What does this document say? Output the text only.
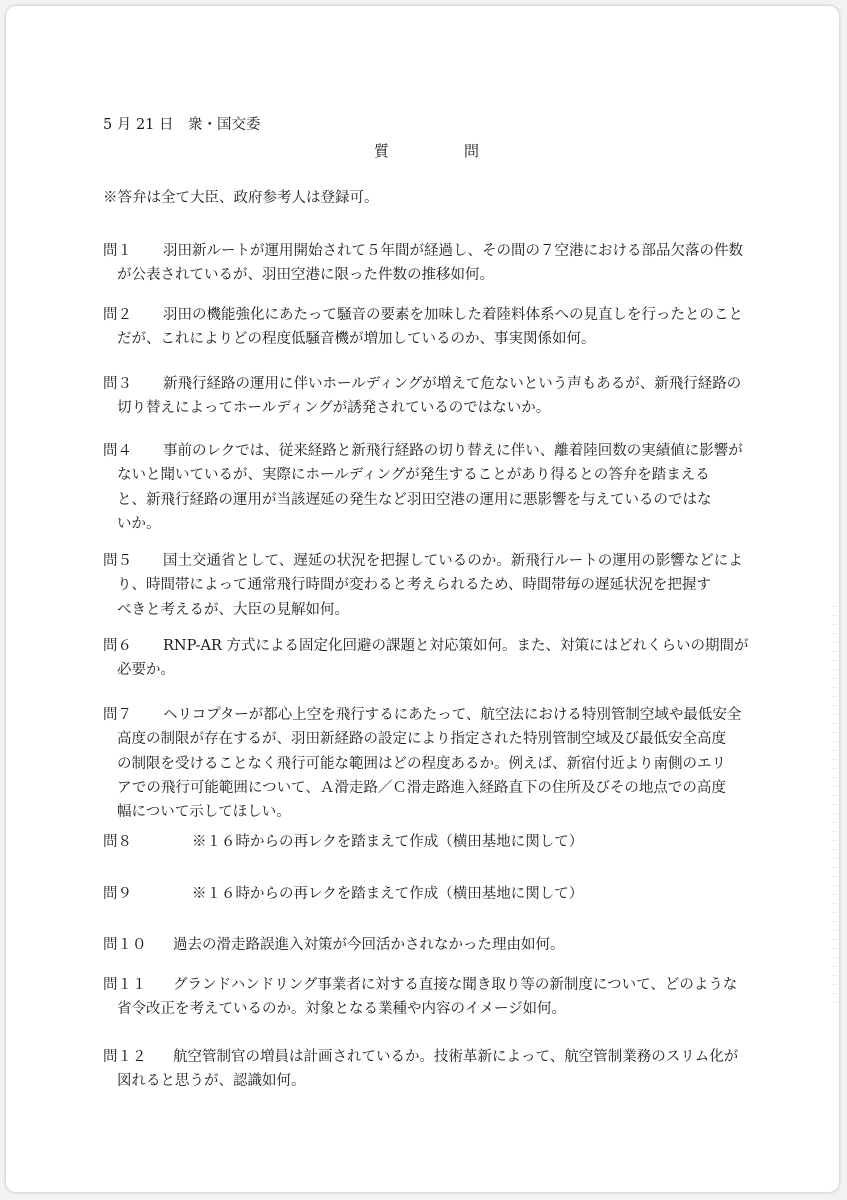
5 月 21 日　衆・国交委
質　問
※答弁は全て大臣、政府参考人は登録可。
問１	羽田新ルートが運用開始されて５年間が経過し、その間の７空港における部品欠落の件数
が公表されているが、羽田空港に限った件数の推移如何。
問２	羽田の機能強化にあたって騒音の要素を加味した着陸料体系への見直しを行ったとのこと
だが、これによりどの程度低騒音機が増加しているのか、事実関係如何。
問３	新飛行経路の運用に伴いホールディングが増えて危ないという声もあるが、新飛行経路の
切り替えによってホールディングが誘発されているのではないか。
問４	事前のレクでは、従来経路と新飛行経路の切り替えに伴い、離着陸回数の実績値に影響が
ないと聞いているが、実際にホールディングが発生することがあり得るとの答弁を踏まえる
と、新飛行経路の運用が当該遅延の発生など羽田空港の運用に悪影響を与えているのではな
いか。
問５	国土交通省として、遅延の状況を把握しているのか。新飛行ルートの運用の影響などによ
り、時間帯によって通常飛行時間が変わると考えられるため、時間帯毎の遅延状況を把握す
べきと考えるが、大臣の見解如何。
問６	RNP-AR 方式による固定化回避の課題と対応策如何。また、対策にはどれくらいの期間が
必要か。
問７	ヘリコプターが都心上空を飛行するにあたって、航空法における特別管制空域や最低安全
高度の制限が存在するが、羽田新経路の設定により指定された特別管制空域及び最低安全高度
の制限を受けることなく飛行可能な範囲はどの程度あるか。例えば、新宿付近より南側のエリ
アでの飛行可能範囲について、Ａ滑走路／Ｃ滑走路進入経路直下の住所及びその地点での高度
幅について示してほしい。
問８	　　※１６時からの再レクを踏まえて作成（横田基地に関して）
問９	　　※１６時からの再レクを踏まえて作成（横田基地に関して）
問１０	過去の滑走路誤進入対策が今回活かされなかった理由如何。
問１１	グランドハンドリング事業者に対する直接な聞き取り等の新制度について、どのような
省令改正を考えているのか。対象となる業種や内容のイメージ如何。
問１２	航空管制官の増員は計画されているか。技術革新によって、航空管制業務のスリム化が
図れると思うが、認識如何。
